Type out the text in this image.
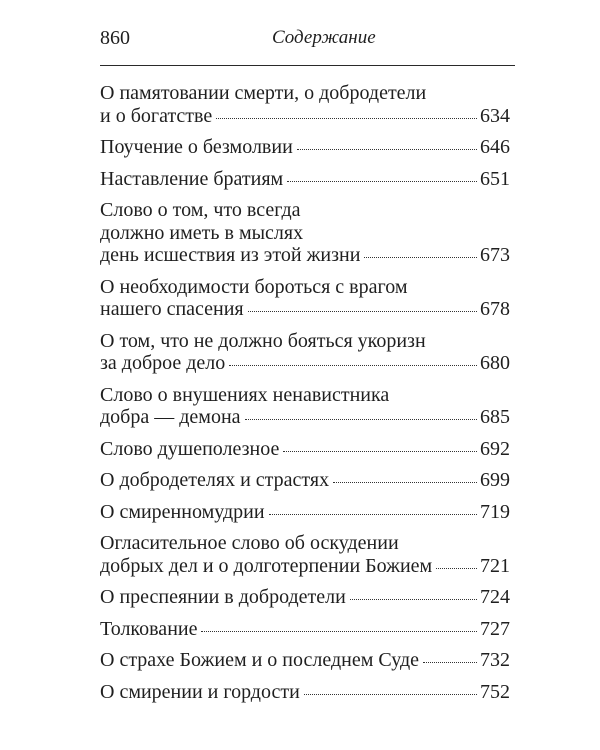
860	Содержание
О памятовании смерти, о добродетели
и о богатстве	634
Поучение о безмолвии	646
Наставление братиям	651
Слово о том, что всегда
должно иметь в мыслях
день исшествия из этой жизни	673
О необходимости бороться с врагом
нашего спасения	678
О том, что не должно бояться укоризн
за доброе дело	680
Слово о внушениях ненавистника
добра — демона	685
Слово душеполезное	692
О добродетелях и страстях	699
О смиренномудрии	719
Огласительное слово об оскудении
добрых дел и о долготерпении Божием 721
О преспеянии в добродетели	724
Толкование	727
О страхе Божием и о последнем Суде	732
О смирении и гордости	752
